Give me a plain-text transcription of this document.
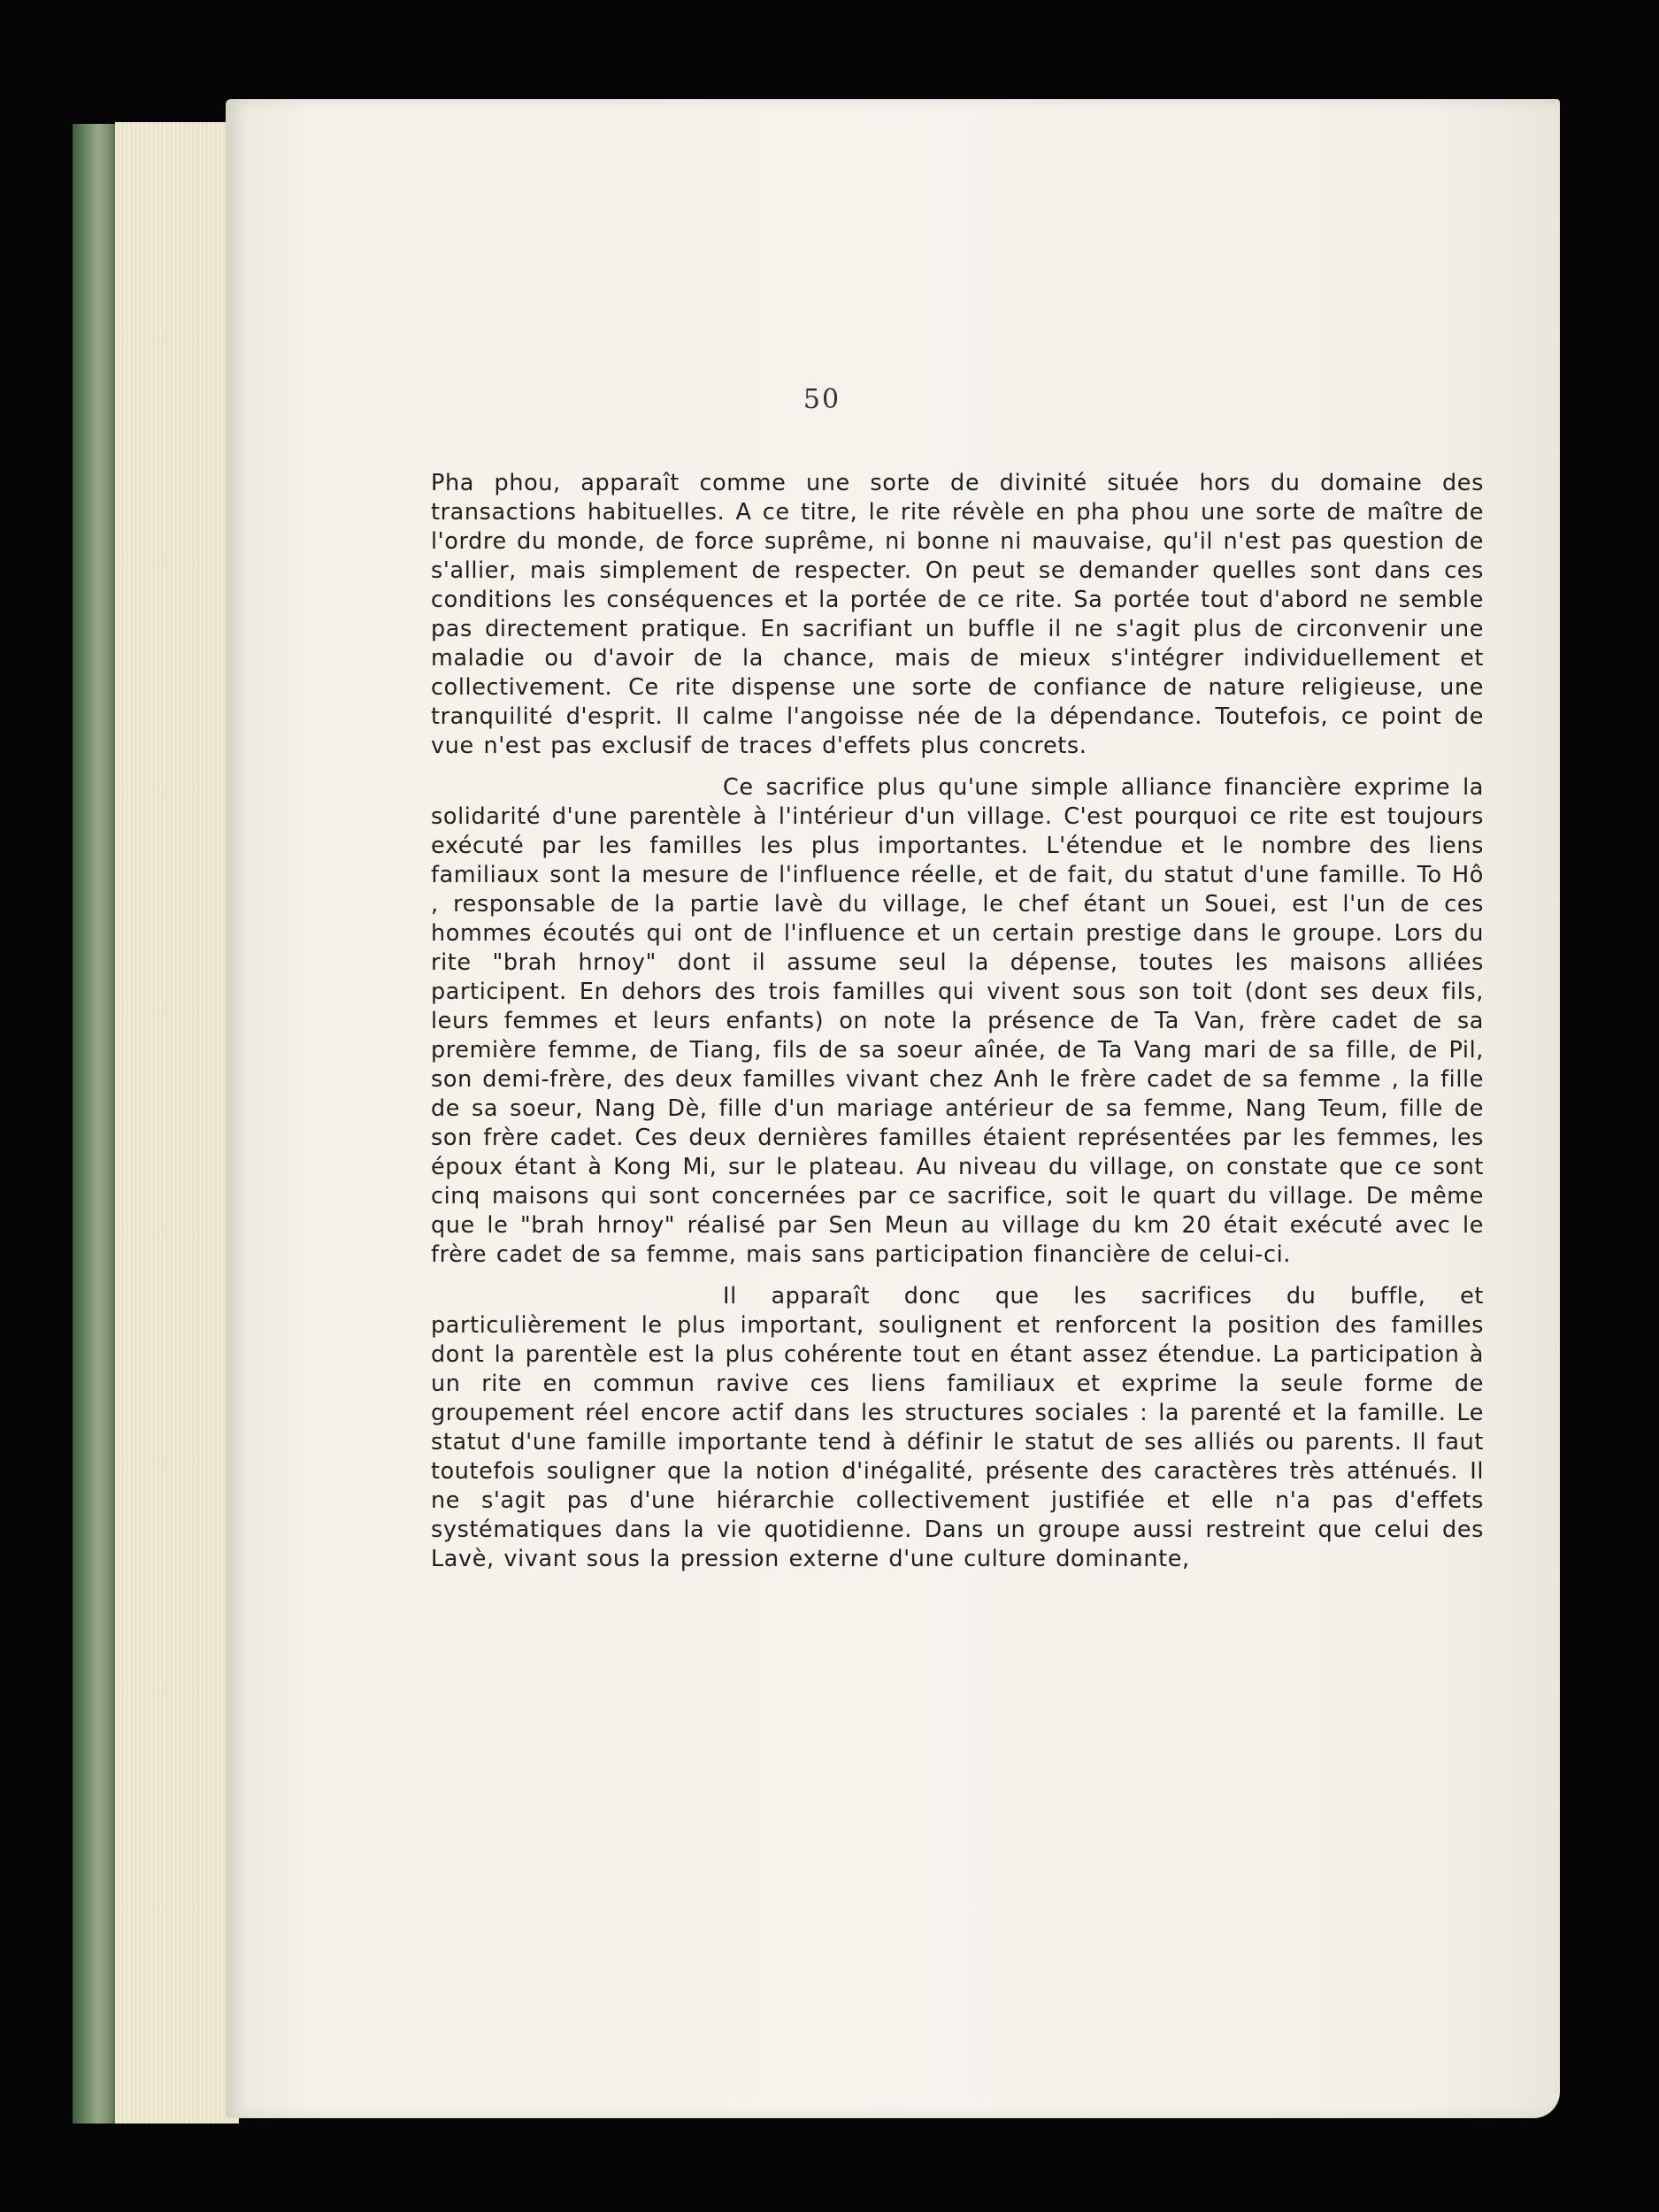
50

Pha phou, apparaît comme une sorte de divinité située hors du domaine des transactions habituelles. A ce titre, le rite révèle en pha phou une sorte de maître de l'ordre du monde, de force suprême, ni bonne ni mauvaise, qu'il n'est pas question de s'allier, mais simplement de respecter. On peut se demander quelles sont dans ces conditions les conséquences et la portée de ce rite. Sa portée tout d'abord ne semble pas directement pratique. En sacrifiant un buffle il ne s'agit plus de circonvenir une maladie ou d'avoir de la chance, mais de mieux s'intégrer individuellement et collectivement. Ce rite dispense une sorte de confiance de nature religieuse, une tranquilité d'esprit. Il calme l'angoisse née de la dépendance. Toutefois, ce point de vue n'est pas exclusif de traces d'effets plus concrets.

Ce sacrifice plus qu'une simple alliance financière exprime la solidarité d'une parentèle à l'intérieur d'un village. C'est pourquoi ce rite est toujours exécuté par les familles les plus importantes. L'étendue et le nombre des liens familiaux sont la mesure de l'influence réelle, et de fait, du statut d'une famille. To Hô , responsable de la partie lavè du village, le chef étant un Souei, est l'un de ces hommes écoutés qui ont de l'influence et un certain prestige dans le groupe. Lors du rite "brah hrnoy" dont il assume seul la dépense, toutes les maisons alliées participent. En dehors des trois familles qui vivent sous son toit (dont ses deux fils, leurs femmes et leurs enfants) on note la présence de Ta Van, frère cadet de sa première femme, de Tiang, fils de sa soeur aînée, de Ta Vang mari de sa fille, de Pil, son demi-frère, des deux familles vivant chez Anh le frère cadet de sa femme , la fille de sa soeur, Nang Dè, fille d'un mariage antérieur de sa femme, Nang Teum, fille de son frère cadet. Ces deux dernières familles étaient représentées par les femmes, les époux étant à Kong Mi, sur le plateau. Au niveau du village, on constate que ce sont cinq maisons qui sont concernées par ce sacrifice, soit le quart du village. De même que le "brah hrnoy" réalisé par Sen Meun au village du km 20 était exécuté avec le frère cadet de sa femme, mais sans participation financière de celui-ci.

Il apparaît donc que les sacrifices du buffle, et particulièrement le plus important, soulignent et renforcent la position des familles dont la parentèle est la plus cohérente tout en étant assez étendue. La participation à un rite en commun ravive ces liens familiaux et exprime la seule forme de groupement réel encore actif dans les structures sociales : la parenté et la famille. Le statut d'une famille importante tend à définir le statut de ses alliés ou parents. Il faut toutefois souligner que la notion d'inégalité, présente des caractères très atténués. Il ne s'agit pas d'une hiérarchie collectivement justifiée et elle n'a pas d'effets systématiques dans la vie quotidienne. Dans un groupe aussi restreint que celui des Lavè, vivant sous la pression externe d'une culture dominante,
